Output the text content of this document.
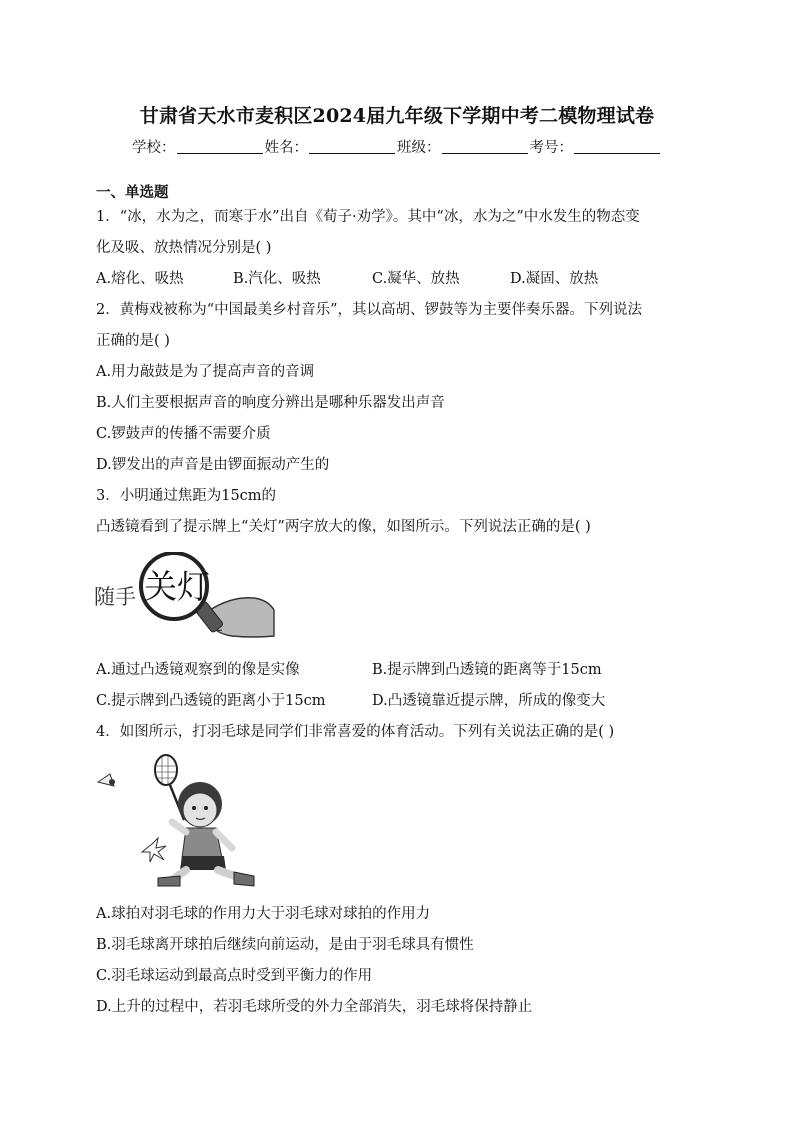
甘肃省天水市麦积区2024届九年级下学期中考二模物理试卷
学校：	姓名：	班级：	考号：
一、单选题
1．“冰，水为之，而寒于水”出自《荀子·劝学》。其中“冰，水为之”中水发生的物态变
化及吸、放热情况分别是( )
A.熔化、吸热	B.汽化、吸热	C.凝华、放热	D.凝固、放热
2．黄梅戏被称为“中国最美乡村音乐”，其以高胡、锣鼓等为主要伴奏乐器。下列说法
正确的是( )
A.用力敲鼓是为了提高声音的音调
B.人们主要根据声音的响度分辨出是哪种乐器发出声音
C.锣鼓声的传播不需要介质
D.锣发出的声音是由锣面振动产生的
3．小明通过焦距为15cm的
凸透镜看到了提示牌上“关灯”两字放大的像，如图所示。下列说法正确的是( )
随手 关灯
A.通过凸透镜观察到的像是实像	B.提示牌到凸透镜的距离等于15cm
C.提示牌到凸透镜的距离小于15cm	D.凸透镜靠近提示牌，所成的像变大
4．如图所示，打羽毛球是同学们非常喜爱的体育活动。下列有关说法正确的是( )
A.球拍对羽毛球的作用力大于羽毛球对球拍的作用力
B.羽毛球离开球拍后继续向前运动，是由于羽毛球具有惯性
C.羽毛球运动到最高点时受到平衡力的作用
D.上升的过程中，若羽毛球所受的外力全部消失，羽毛球将保持静止
